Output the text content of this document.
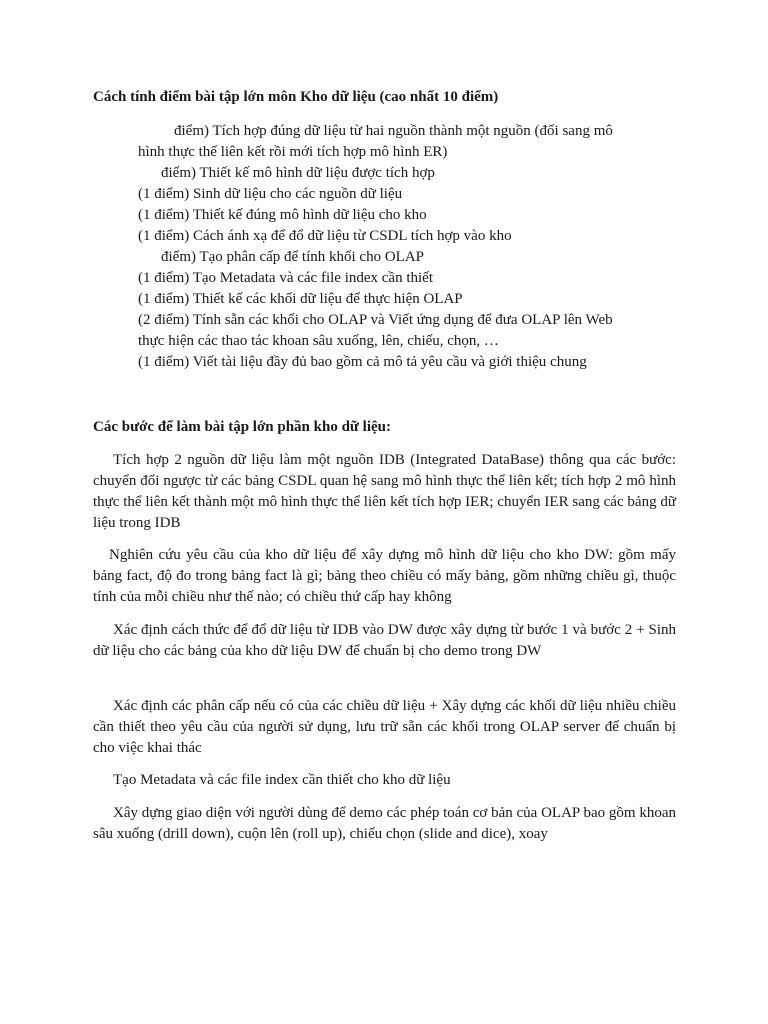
Cách tính điểm bài tập lớn môn Kho dữ liệu (cao nhất 10 điểm)
điểm) Tích hợp đúng dữ liệu từ hai nguồn thành một nguồn (đổi sang mô
hình thực thể liên kết rồi mới tích hợp mô hình ER)
điểm) Thiết kế mô hình dữ liệu được tích hợp
(1 điểm) Sinh dữ liệu cho các nguồn dữ liệu
(1 điểm) Thiết kế đúng mô hình dữ liệu cho kho
(1 điểm) Cách ánh xạ để đổ dữ liệu từ CSDL tích hợp vào kho
điểm) Tạo phân cấp để tính khối cho OLAP
(1 điểm) Tạo Metadata và các file index cần thiết
(1 điểm) Thiết kế các khối dữ liệu để thực hiện OLAP
(2 điểm) Tính sẵn các khối cho OLAP và Viết ứng dụng để đưa OLAP lên Web
thực hiện các thao tác khoan sâu xuống, lên, chiếu, chọn, …
(1 điểm) Viết tài liệu đầy đủ bao gồm cả mô tả yêu cầu và giới thiệu chung
Các bước để làm bài tập lớn phần kho dữ liệu:
Tích hợp 2 nguồn dữ liệu làm một nguồn IDB (Integrated DataBase) thông qua các bước: chuyển đổi ngược từ các bảng CSDL quan hệ sang mô hình thực thể liên kết; tích hợp 2 mô hình thực thể liên kết thành một mô hình thực thể liên kết tích hợp IER; chuyển IER sang các bảng dữ liệu trong IDB
Nghiên cứu yêu cầu của kho dữ liệu để xây dựng mô hình dữ liệu cho kho DW: gồm mấy bảng fact, độ đo trong bảng fact là gì; bảng theo chiều có mấy bảng, gồm những chiều gì, thuộc tính của mỗi chiều như thế nào; có chiều thứ cấp hay không
Xác định cách thức để đổ dữ liệu từ IDB vào DW được xây dựng từ bước 1 và bước 2 + Sinh dữ liệu cho các bảng của kho dữ liệu DW để chuẩn bị cho demo trong DW
Xác định các phân cấp nếu có của các chiều dữ liệu + Xây dựng các khối dữ liệu nhiều chiều cần thiết theo yêu cầu của người sử dụng, lưu trữ sẵn các khối trong OLAP server để chuẩn bị cho việc khai thác
Tạo Metadata và các file index cần thiết cho kho dữ liệu
Xây dựng giao diện với người dùng để demo các phép toán cơ bản của OLAP bao gồm khoan sâu xuống (drill down), cuộn lên (roll up), chiếu chọn (slide and dice), xoay
